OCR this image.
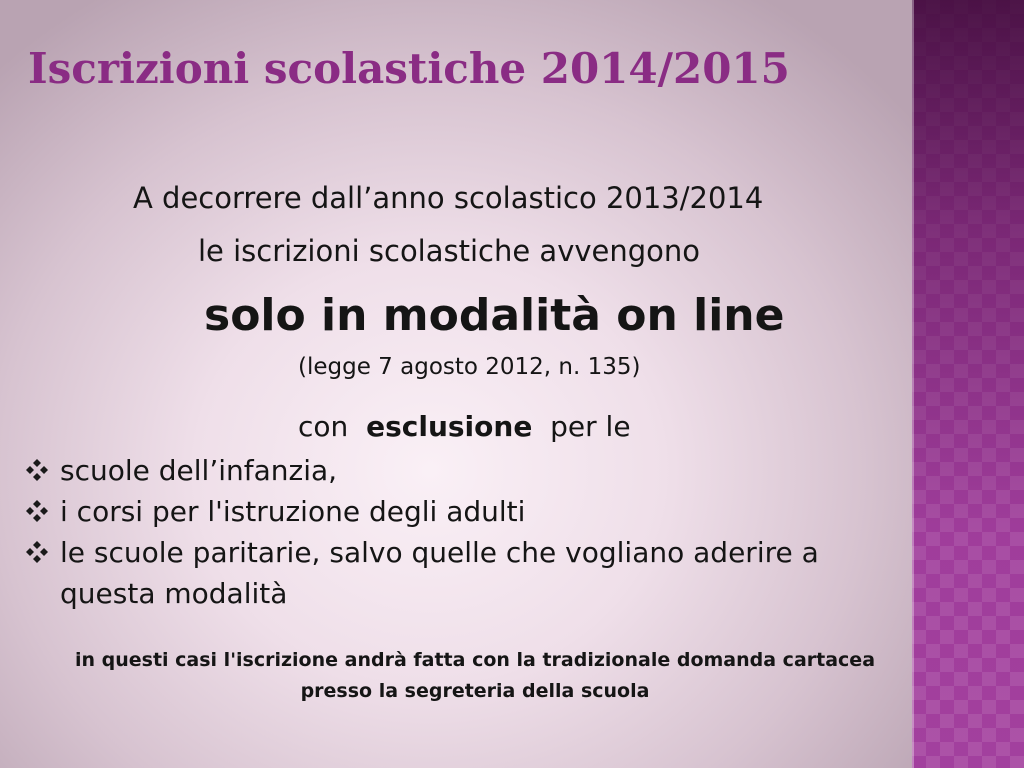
Iscrizioni scolastiche 2014/2015

A decorrere dall’anno scolastico 2013/2014

le iscrizioni scolastiche avvengono

solo in modalità on line

(legge 7 agosto 2012, n. 135)

con esclusione per le

scuole dell’infanzia,
i corsi per l'istruzione degli adulti
le scuole paritarie, salvo quelle che vogliano aderire a questa modalità

in questi casi l'iscrizione andrà fatta con la tradizionale domanda cartacea presso la segreteria della scuola
